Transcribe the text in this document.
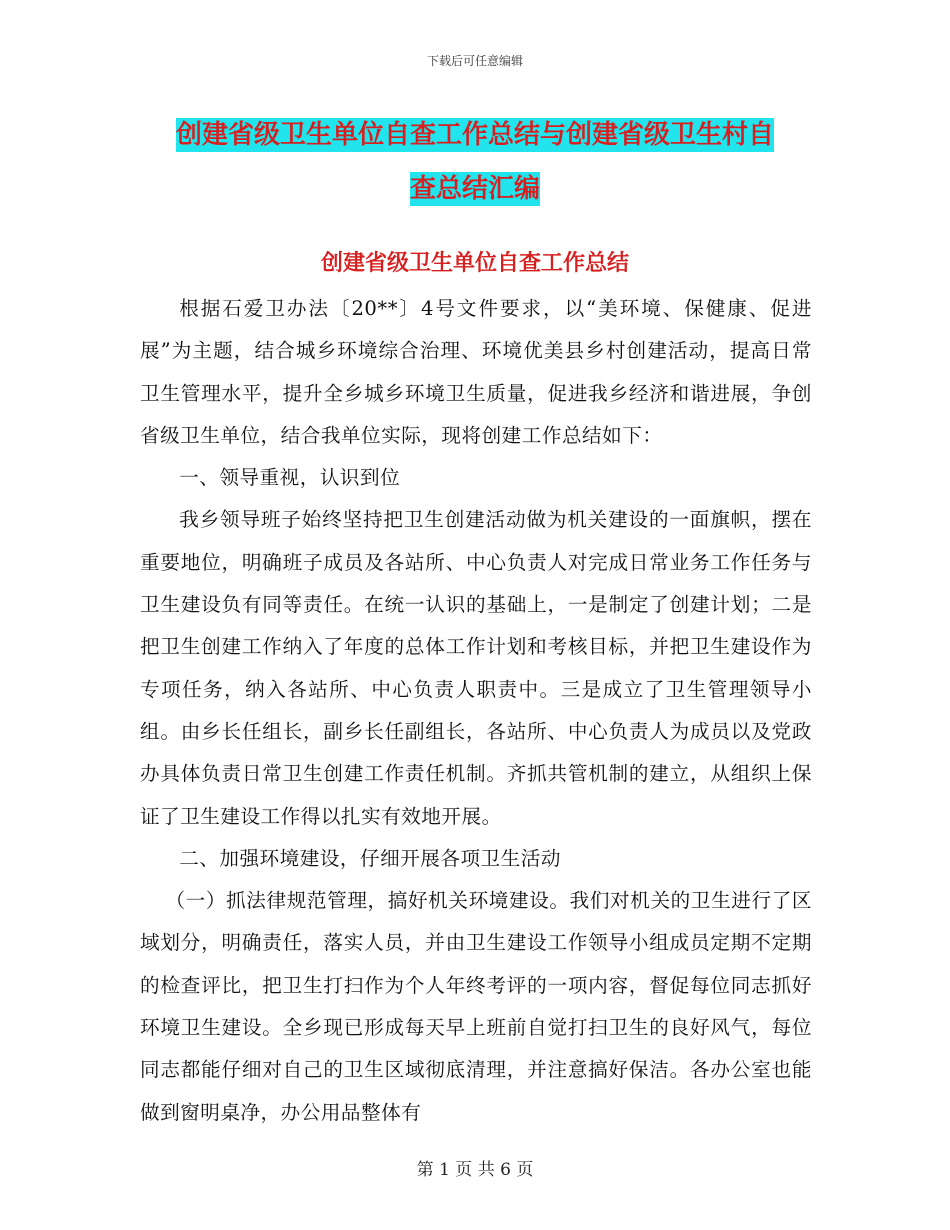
下载后可任意编辑
创建省级卫生单位自查工作总结与创建省级卫生村自
查总结汇编
创建省级卫生单位自查工作总结

根据石爱卫办法〔20**〕4号文件要求，以“美环境、保健康、促进展”为主题，结合城乡环境综合治理、环境优美县乡村创建活动，提高日常卫生管理水平，提升全乡城乡环境卫生质量，促进我乡经济和谐进展，争创省级卫生单位，结合我单位实际，现将创建工作总结如下：

一、领导重视，认识到位

我乡领导班子始终坚持把卫生创建活动做为机关建设的一面旗帜，摆在重要地位，明确班子成员及各站所、中心负责人对完成日常业务工作任务与卫生建设负有同等责任。在统一认识的基础上，一是制定了创建计划；二是把卫生创建工作纳入了年度的总体工作计划和考核目标，并把卫生建设作为专项任务，纳入各站所、中心负责人职责中。三是成立了卫生管理领导小组。由乡长任组长，副乡长任副组长，各站所、中心负责人为成员以及党政办具体负责日常卫生创建工作责任机制。齐抓共管机制的建立，从组织上保证了卫生建设工作得以扎实有效地开展。

二、加强环境建设，仔细开展各项卫生活动

（一）抓法律规范管理，搞好机关环境建设。我们对机关的卫生进行了区域划分，明确责任，落实人员，并由卫生建设工作领导小组成员定期不定期的检查评比，把卫生打扫作为个人年终考评的一项内容，督促每位同志抓好环境卫生建设。全乡现已形成每天早上班前自觉打扫卫生的良好风气，每位同志都能仔细对自己的卫生区域彻底清理，并注意搞好保洁。各办公室也能做到窗明桌净，办公用品整体有

第 1 页 共 6 页
